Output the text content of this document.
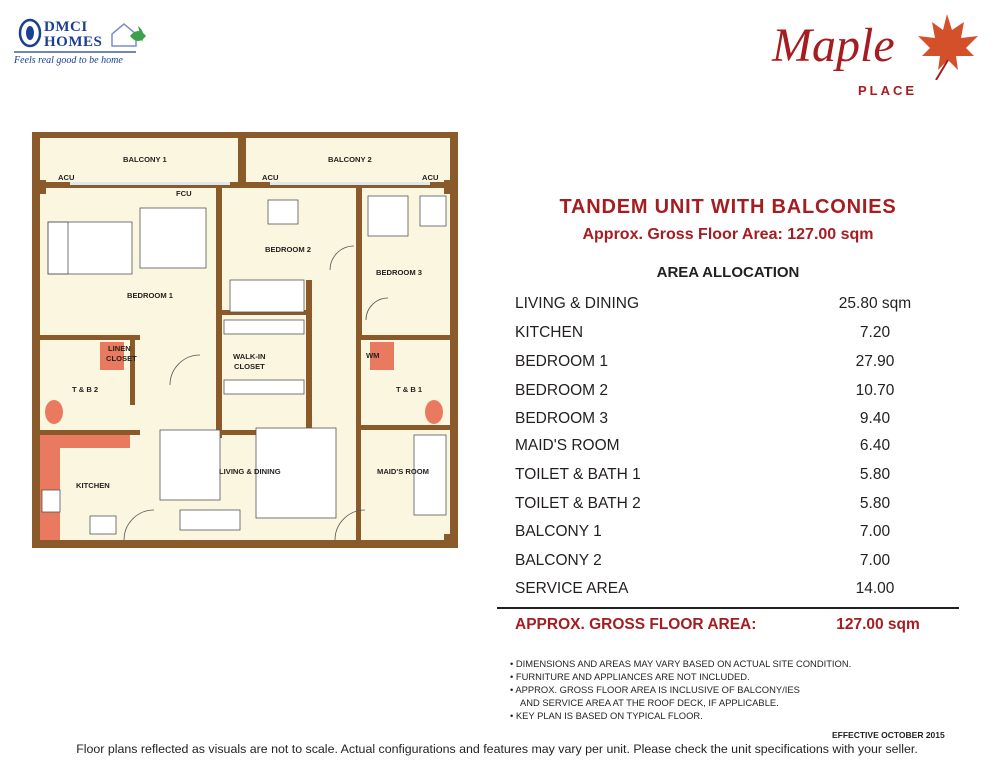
DMCI
HOMES
Feels real good to be home	Maple
PLACE
BALCONY 1	BALCONY 2
BEDROOM 1
BEDROOM 2
BEDROOM 3
LINEN
CLOSET	WALK-IN
CLOSET
T & B 2	T & B 1
WM
KITCHEN
LIVING & DINING	MAID'S ROOM
ACU	ACU	ACU
FCU
TANDEM UNIT WITH BALCONIES
Approx. Gross Floor Area: 127.00 sqm
AREA ALLOCATION
LIVING & DINING	25.80 sqm
KITCHEN	7.20
BEDROOM 1	27.90
BEDROOM 2	10.70
BEDROOM 3	9.40
MAID'S ROOM	6.40
TOILET & BATH 1	5.80
TOILET & BATH 2	5.80
BALCONY 1	7.00
BALCONY 2	7.00
SERVICE AREA	14.00
APPROX. GROSS FLOOR AREA:	127.00 sqm
• DIMENSIONS AND AREAS MAY VARY BASED ON ACTUAL SITE CONDITION.
• FURNITURE AND APPLIANCES ARE NOT INCLUDED.
• APPROX. GROSS FLOOR AREA IS INCLUSIVE OF BALCONY/IES
AND SERVICE AREA AT THE ROOF DECK, IF APPLICABLE.
• KEY PLAN IS BASED ON TYPICAL FLOOR.
EFFECTIVE OCTOBER 2015
Floor plans reflected as visuals are not to scale. Actual configurations and features may vary per unit. Please check the unit specifications with your seller.
